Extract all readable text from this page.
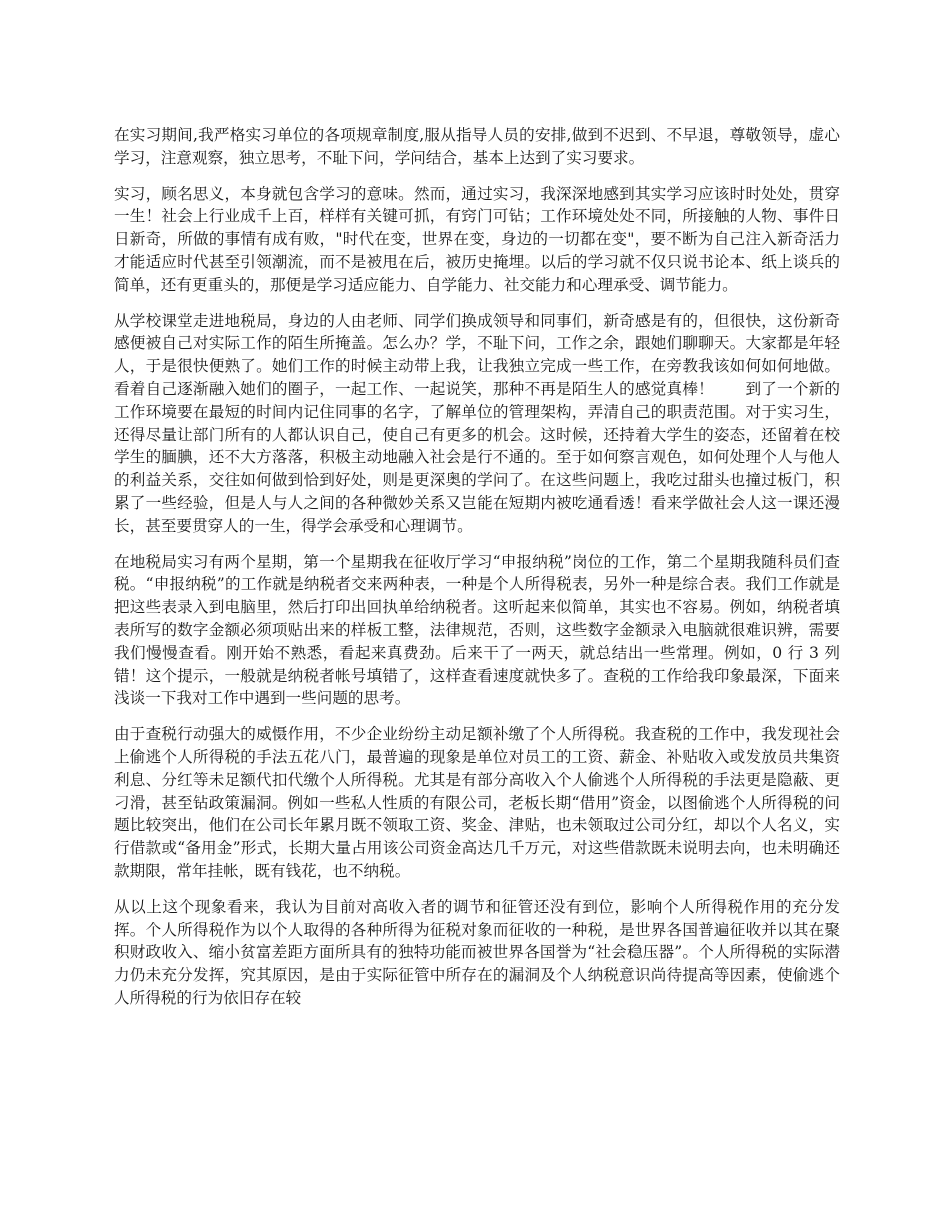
在实习期间,我严格实习单位的各项规章制度,服从指导人员的安排,做到不迟到、不早退，尊敬领导，虚心学习，注意观察，独立思考，不耻下问，学问结合，基本上达到了实习要求。

实习，顾名思义，本身就包含学习的意味。然而，通过实习，我深深地感到其实学习应该时时处处，贯穿一生！社会上行业成千上百，样样有关键可抓，有窍门可钻；工作环境处处不同，所接触的人物、事件日日新奇，所做的事情有成有败，"时代在变，世界在变，身边的一切都在变"，要不断为自己注入新奇活力才能适应时代甚至引领潮流，而不是被甩在后，被历史掩埋。以后的学习就不仅只说书论本、纸上谈兵的简单，还有更重头的，那便是学习适应能力、自学能力、社交能力和心理承受、调节能力。

从学校课堂走进地税局，身边的人由老师、同学们换成领导和同事们，新奇感是有的，但很快，这份新奇感便被自己对实际工作的陌生所掩盖。怎么办？学，不耻下问，工作之余，跟她们聊聊天。大家都是年轻人，于是很快便熟了。她们工作的时候主动带上我，让我独立完成一些工作，在旁教我该如何如何地做。看着自己逐渐融入她们的圈子，一起工作、一起说笑，那种不再是陌生人的感觉真棒！　　到了一个新的工作环境要在最短的时间内记住同事的名字，了解单位的管理架构，弄清自己的职责范围。对于实习生，还得尽量让部门所有的人都认识自己，使自己有更多的机会。这时候，还持着大学生的姿态，还留着在校学生的腼腆，还不大方落落，积极主动地融入社会是行不通的。至于如何察言观色，如何处理个人与他人的利益关系，交往如何做到恰到好处，则是更深奥的学问了。在这些问题上，我吃过甜头也撞过板门，积累了一些经验，但是人与人之间的各种微妙关系又岂能在短期内被吃通看透！看来学做社会人这一课还漫长，甚至要贯穿人的一生，得学会承受和心理调节。

在地税局实习有两个星期，第一个星期我在征收厅学习“申报纳税”岗位的工作，第二个星期我随科员们查税。“申报纳税”的工作就是纳税者交来两种表，一种是个人所得税表，另外一种是综合表。我们工作就是把这些表录入到电脑里，然后打印出回执单给纳税者。这听起来似简单，其实也不容易。例如，纳税者填表所写的数字金额必须项贴出来的样板工整，法律规范，否则，这些数字金额录入电脑就很难识辨，需要我们慢慢查看。刚开始不熟悉，看起来真费劲。后来干了一两天，就总结出一些常理。例如，0 行 3 列错！这个提示，一般就是纳税者帐号填错了，这样查看速度就快多了。查税的工作给我印象最深，下面来浅谈一下我对工作中遇到一些问题的思考。

由于查税行动强大的威慑作用，不少企业纷纷主动足额补缴了个人所得税。我查税的工作中，我发现社会上偷逃个人所得税的手法五花八门，最普遍的现象是单位对员工的工资、薪金、补贴收入或发放员共集资利息、分红等未足额代扣代缴个人所得税。尤其是有部分高收入个人偷逃个人所得税的手法更是隐蔽、更刁滑，甚至钻政策漏洞。例如一些私人性质的有限公司，老板长期“借用”资金，以图偷逃个人所得税的问题比较突出，他们在公司长年累月既不领取工资、奖金、津贴，也未领取过公司分红，却以个人名义，实行借款或“备用金”形式，长期大量占用该公司资金高达几千万元，对这些借款既未说明去向，也未明确还款期限，常年挂帐，既有钱花，也不纳税。

从以上这个现象看来，我认为目前对高收入者的调节和征管还没有到位，影响个人所得税作用的充分发挥。个人所得税作为以个人取得的各种所得为征税对象而征收的一种税，是世界各国普遍征收并以其在聚积财政收入、缩小贫富差距方面所具有的独特功能而被世界各国誉为“社会稳压器”。个人所得税的实际潜力仍未充分发挥，究其原因，是由于实际征管中所存在的漏洞及个人纳税意识尚待提高等因素，使偷逃个人所得税的行为依旧存在较
